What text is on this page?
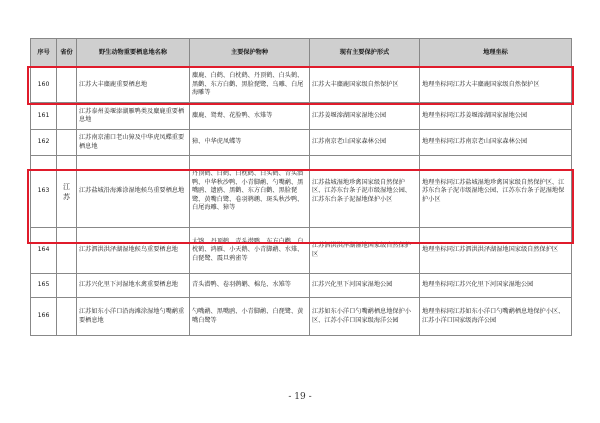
序号	省份	野生动物重要栖息地名称	主要保护物种	现有主要保护形式	地理坐标
160		江苏大丰麋鹿重要栖息地	麋鹿、白鹤、白枕鹤、丹顶鹤、白头鹤、黑鹳、东方白鹳、黑脸琵鹭、乌雕、白尾海雕等	江苏大丰麋鹿国家级自然保护区	地理坐标同江苏大丰麋鹿国家级自然保护区
161		江苏泰州姜堰溱湖雁鸭类及麋鹿重要栖息地	麋鹿、鸳鸯、花脸鸭、水雉等	江苏姜堰溱湖国家湿地公园	地理坐标同江苏姜堰溱湖国家湿地公园
162		江苏南京浦口老山獐及中华虎凤蝶重要栖息地	獐、中华虎凤蝶等	江苏南京老山国家森林公园	地理坐标同江苏南京老山国家森林公园
163	江苏	江苏盐城沿海滩涂湿地候鸟重要栖息地	丹顶鹤、白鹤、白枕鹤、白头鹤、青头潜鸭、中华秋沙鸭、小青脚鹬、勺嘴鹬、黑嘴鸥、遗鸥、黑鹳、东方白鹳、黑脸琵鹭、黄嘴白鹭、卷羽鹈鹕、斑头秋沙鸭、白尾海雕、獐等	江苏盐城湿地珍禽国家级自然保护区、江苏东台条子泥市级湿地公园、江苏东台条子泥湿地保护小区	地理坐标同江苏盐城湿地珍禽国家级自然保护区、江苏东台条子泥市级湿地公园、江苏东台条子泥湿地保护小区
164		江苏泗洪洪泽湖湿地候鸟重要栖息地	大鸨、丹顶鹤、青头潜鸭、东方白鹳、白枕鹤、鸿雁、小天鹅、小青脚鹬、水雉、白琵鹭、震旦鸦雀等	江苏泗洪洪泽湖湿地国家级自然保护区	地理坐标同江苏泗洪洪泽湖湿地国家级自然保护区
165		江苏兴化里下河湿地水禽重要栖息地	青头潜鸭、卷羽鹈鹕、棉凫、水雉等	江苏兴化里下河国家湿地公园	地理坐标同江苏兴化里下河国家湿地公园
166		江苏如东小洋口沿海滩涂湿地勺嘴鹬重要栖息地	勺嘴鹬、黑嘴鸥、小青脚鹬、白琵鹭、黄嘴白鹭等	江苏如东小洋口勺嘴鹬栖息地保护小区、江苏小洋口国家级海洋公园	地理坐标同江苏如东小洋口勺嘴鹬栖息地保护小区、江苏小洋口国家级海洋公园
- 19 -
